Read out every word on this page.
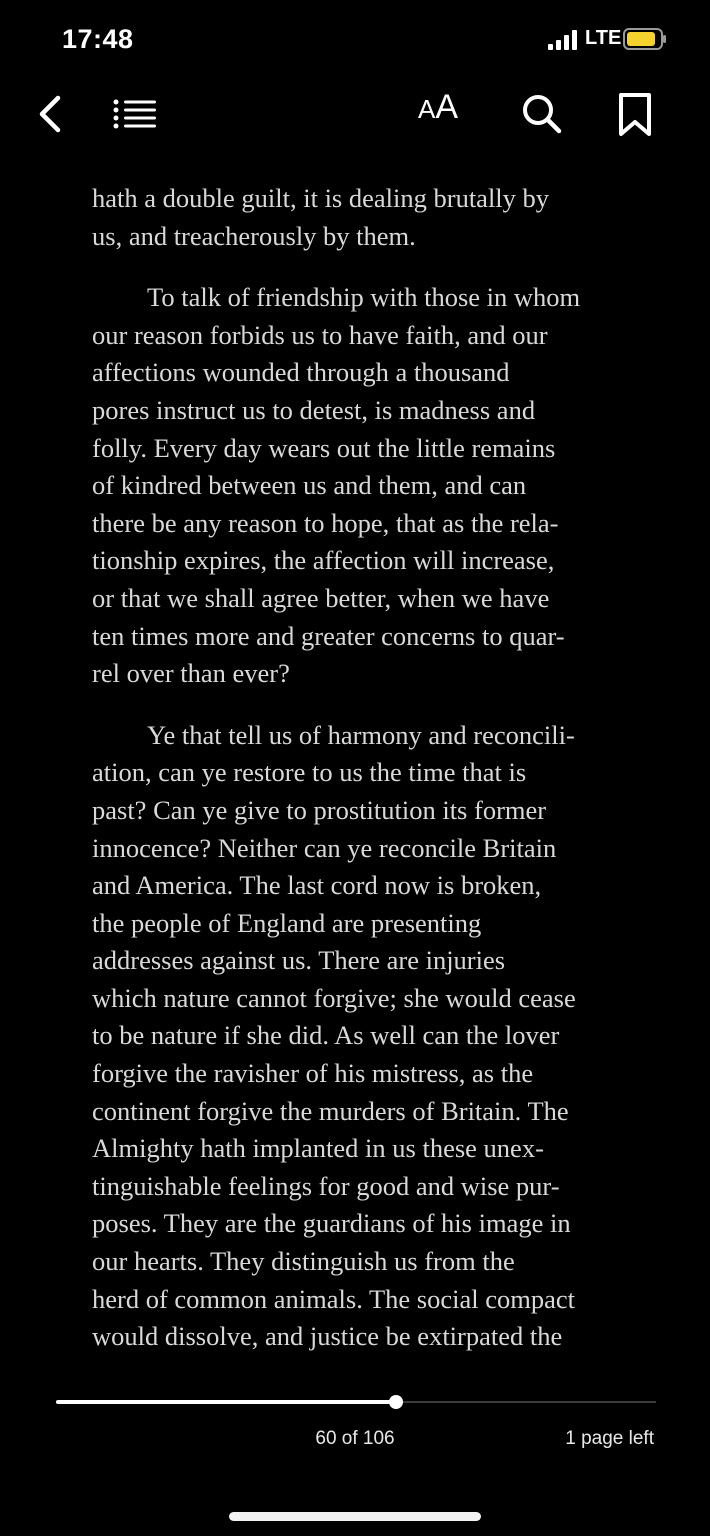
17:48	LTE
AA

hath a double guilt, it is dealing brutally by
us, and treacherously by them.

To talk of friendship with those in whom
our reason forbids us to have faith, and our
affections wounded through a thousand
pores instruct us to detest, is madness and
folly. Every day wears out the little remains
of kindred between us and them, and can
there be any reason to hope, that as the rela-
tionship expires, the affection will increase,
or that we shall agree better, when we have
ten times more and greater concerns to quar-
rel over than ever?

Ye that tell us of harmony and reconcili-
ation, can ye restore to us the time that is
past? Can ye give to prostitution its former
innocence? Neither can ye reconcile Britain
and America. The last cord now is broken,
the people of England are presenting
addresses against us. There are injuries
which nature cannot forgive; she would cease
to be nature if she did. As well can the lover
forgive the ravisher of his mistress, as the
continent forgive the murders of Britain. The
Almighty hath implanted in us these unex-
tinguishable feelings for good and wise pur-
poses. They are the guardians of his image in
our hearts. They distinguish us from the
herd of common animals. The social compact
would dissolve, and justice be extirpated the

60 of 106	1 page left
